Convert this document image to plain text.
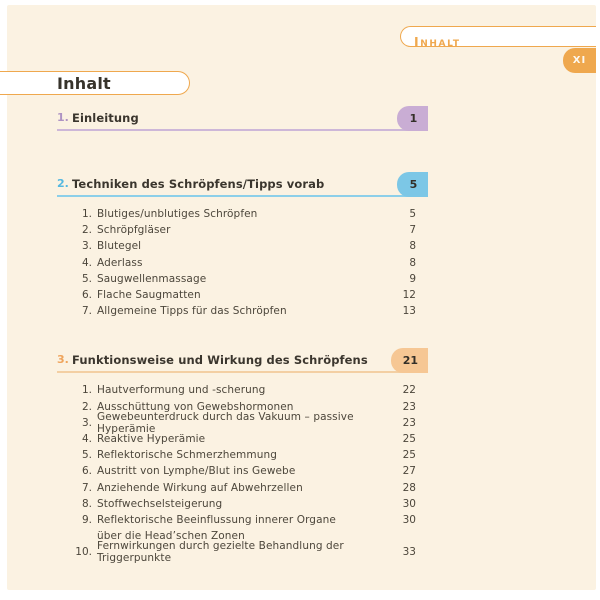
Inhalt
XI
Inhalt
1. Einleitung	1
2. Techniken des Schröpfens/Tipps vorab	5
1. Blutiges/unblutiges Schröpfen	5
2. Schröpfgläser	7
3. Blutegel	8
4. Aderlass	8
5. Saugwellenmassage	9
6. Flache Saugmatten	12
7. Allgemeine Tipps für das Schröpfen	13
3. Funktionsweise und Wirkung des Schröpfens	21
1. Hautverformung und -scherung	22
2. Ausschüttung von Gewebshormonen	23
3. Gewebeunterdruck durch das Vakuum – passive Hyperämie	23
4. Reaktive Hyperämie	25
5. Reflektorische Schmerzhemmung	25
6. Austritt von Lymphe/Blut ins Gewebe	27
7. Anziehende Wirkung auf Abwehrzellen	28
8. Stoffwechselsteigerung	30
9. Reflektorische Beeinflussung innerer Organe	30
über die Head’schen Zonen
10. Fernwirkungen durch gezielte Behandlung der Triggerpunkte	33
